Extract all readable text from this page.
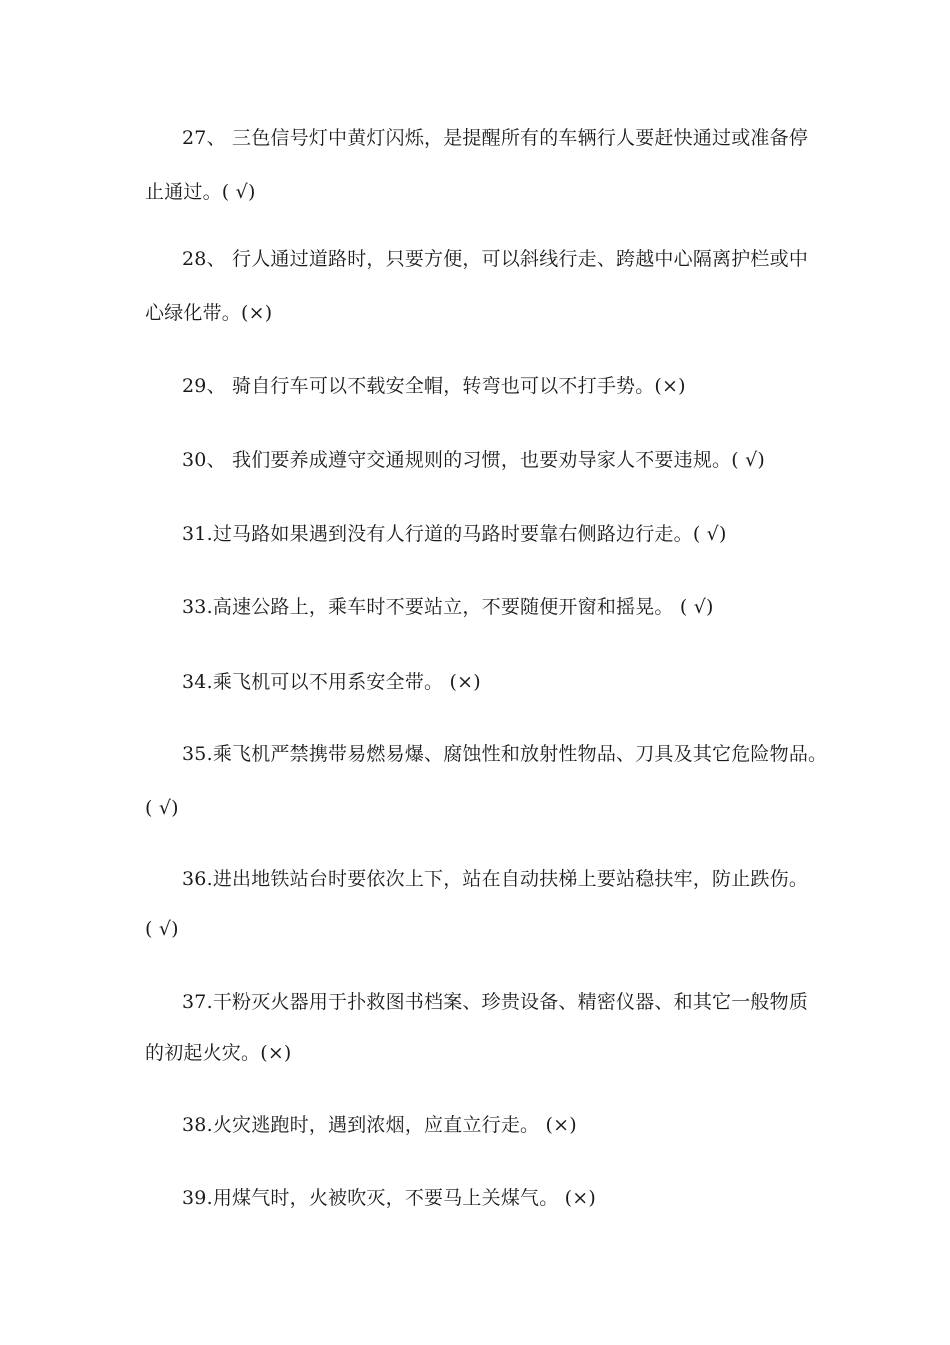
27、 三色信号灯中黄灯闪烁，是提醒所有的车辆行人要赶快通过或准备停
止通过。( √)
28、 行人通过道路时，只要方便，可以斜线行走、跨越中心隔离护栏或中
心绿化带。(×)
29、 骑自行车可以不载安全帽，转弯也可以不打手势。(×)
30、 我们要养成遵守交通规则的习惯，也要劝导家人不要违规。( √)
31.过马路如果遇到没有人行道的马路时要靠右侧路边行走。( √)
33.高速公路上，乘车时不要站立，不要随便开窗和摇晃。 ( √)
34.乘飞机可以不用系安全带。 (×)
35.乘飞机严禁携带易燃易爆、腐蚀性和放射性物品、刀具及其它危险物品。
( √)
36.进出地铁站台时要依次上下，站在自动扶梯上要站稳扶牢，防止跌伤。
( √)
37.干粉灭火器用于扑救图书档案、珍贵设备、精密仪器、和其它一般物质
的初起火灾。(×)
38.火灾逃跑时，遇到浓烟，应直立行走。 (×)
39.用煤气时，火被吹灭，不要马上关煤气。 (×)
